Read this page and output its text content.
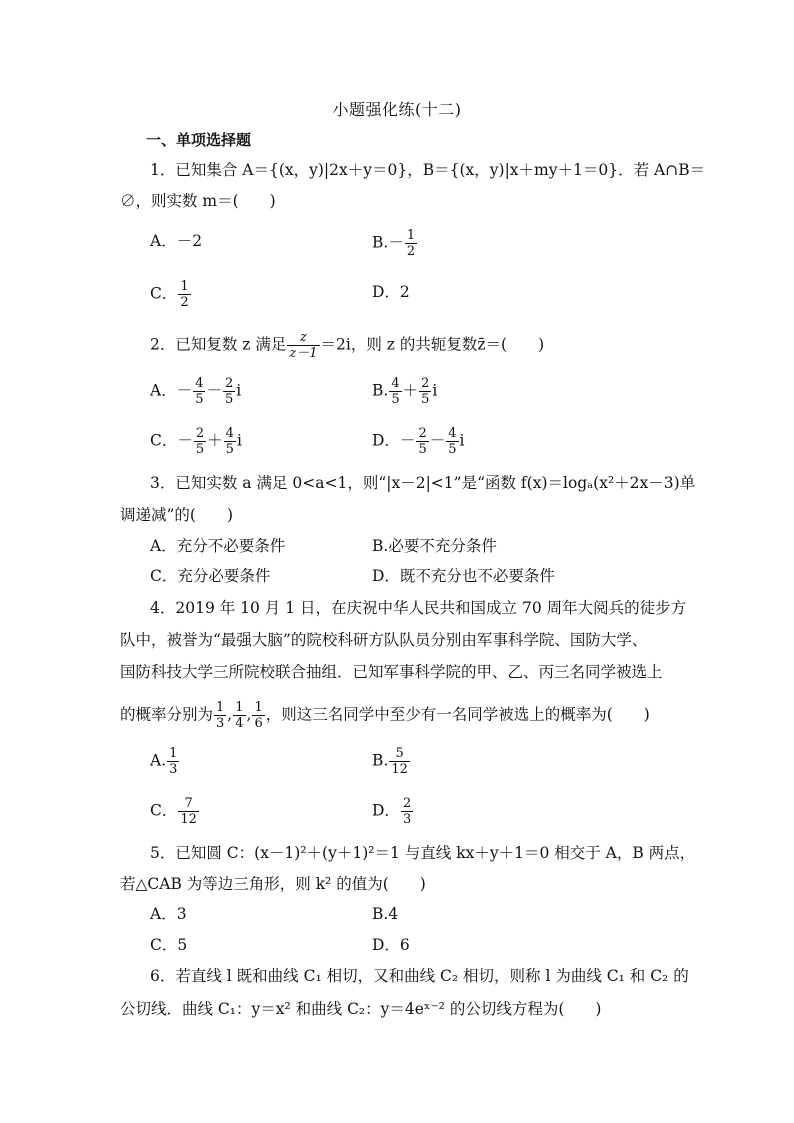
小题强化练(十二)
一、单项选择题
1．已知集合 A＝{(x，y)|2x＋y＝0}，B＝{(x，y)|x＋my＋1＝0}．若 A∩B＝
∅，则实数 m＝(　　)
A．－2	$B.- \frac{1}{2}$
C． $\frac{1}{2}$	D．2
2．已知复数 z 满足 $\frac{z}{z-1} =2i$，则 z 的共轭复数z̄＝(　　)
A．－ $\frac{4}{5} - \frac{2}{5}$ i	B. $\frac{4}{5} + \frac{2}{5}$ i
C．－ $\frac{2}{5} + \frac{4}{5}$ i	D．－ $\frac{2}{5} - \frac{4}{5}$ i
3．已知实数 a 满足 0<a<1，则“|x－2|<1”是“函数 f(x)＝logₐ(x²＋2x－3)单
调递减”的(　　)
A．充分不必要条件	B.必要不充分条件
C．充分必要条件	D．既不充分也不必要条件
4．2019 年 10 月 1 日，在庆祝中华人民共和国成立 70 周年大阅兵的徒步方
队中，被誉为“最强大脑”的院校科研方队队员分别由军事科学院、国防大学、
国防科技大学三所院校联合抽组．已知军事科学院的甲、乙、丙三名同学被选上
的概率分别为 $\frac{1}{3}$ , $\frac{1}{4}$ , $\frac{1}{6}$ ，则这三名同学中至少有一名同学被选上的概率为(　　)
A. $\frac{1}{3}$	B. $\frac{5}{12}$
C． $\frac{7}{12}$	D． $\frac{2}{3}$
5．已知圆 C：(x－1)²＋(y＋1)²＝1 与直线 kx＋y＋1＝0 相交于 A，B 两点，
若△CAB 为等边三角形，则 k² 的值为(　　)
A．3	B.4
C．5	D．6
6．若直线 l 既和曲线 C₁ 相切，又和曲线 C₂ 相切，则称 l 为曲线 C₁ 和 C₂ 的
公切线．曲线 C₁：y＝x² 和曲线 C₂：y＝4eˣ⁻² 的公切线方程为(　　)
